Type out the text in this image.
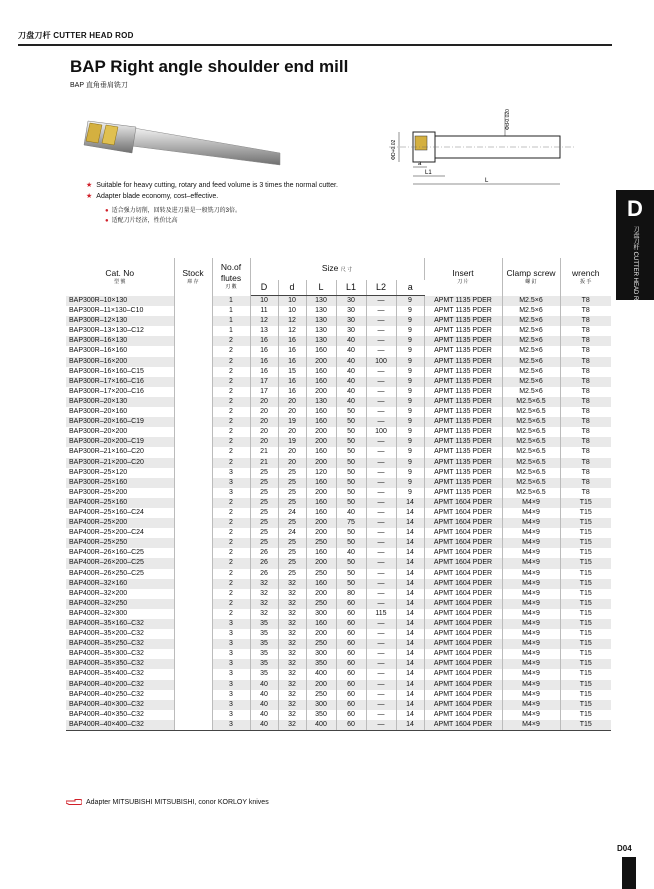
刀盘刀杆 CUTTER HEAD ROD
BAP Right angle shoulder end mill
BAP 直角垂肩铣刀
Φd-0.020
ΦD+0.02
a
L1
L
★ Suitable for heavy cutting, rotary and feed volume is 3 times the normal cutter.
★ Adapter blade economy, cost–effective.
● 适合强力切削，回转及进刀量是一般铣刀的3倍。
● 适配刀片经济，性价比高	D
刀盘刀杆 CUTTER HEAD ROD
Cat. No
型 號	Stock
庫 存	No.of flutes
刃 數	Size 尺 寸						Insert
刀 片	Clamp screw
螺 釘	wrench
扳 手

			D	d	L	L1	L2	a			
BAP300R–10×130		1	10	10	130	30	—	9	APMT 1135 PDER	M2.5×6	T8
BAP300R–11×130–C10		1	11	10	130	30	—	9	APMT 1135 PDER	M2.5×6	T8
BAP300R–12×130		1	12	12	130	30	—	9	APMT 1135 PDER	M2.5×6	T8
BAP300R–13×130–C12		1	13	12	130	30	—	9	APMT 1135 PDER	M2.5×6	T8
BAP300R–16×130		2	16	16	130	40	—	9	APMT 1135 PDER	M2.5×6	T8
BAP300R–16×160		2	16	16	160	40	—	9	APMT 1135 PDER	M2.5×6	T8
BAP300R–16×200		2	16	16	200	40	100	9	APMT 1135 PDER	M2.5×6	T8
BAP300R–16×160–C15		2	16	15	160	40	—	9	APMT 1135 PDER	M2.5×6	T8
BAP300R–17×160–C16		2	17	16	160	40	—	9	APMT 1135 PDER	M2.5×6	T8
BAP300R–17×200–C16		2	17	16	200	40	—	9	APMT 1135 PDER	M2.5×6	T8
BAP300R–20×130		2	20	20	130	40	—	9	APMT 1135 PDER	M2.5×6.5	T8
BAP300R–20×160		2	20	20	160	50	—	9	APMT 1135 PDER	M2.5×6.5	T8
BAP300R–20×160–C19		2	20	19	160	50	—	9	APMT 1135 PDER	M2.5×6.5	T8
BAP300R–20×200		2	20	20	200	50	100	9	APMT 1135 PDER	M2.5×6.5	T8
BAP300R–20×200–C19		2	20	19	200	50	—	9	APMT 1135 PDER	M2.5×6.5	T8
BAP300R–21×160–C20		2	21	20	160	50	—	9	APMT 1135 PDER	M2.5×6.5	T8
BAP300R–21×200–C20		2	21	20	200	50	—	9	APMT 1135 PDER	M2.5×6.5	T8
BAP300R–25×120		3	25	25	120	50	—	9	APMT 1135 PDER	M2.5×6.5	T8
BAP300R–25×160		3	25	25	160	50	—	9	APMT 1135 PDER	M2.5×6.5	T8
BAP300R–25×200		3	25	25	200	50	—	9	APMT 1135 PDER	M2.5×6.5	T8
BAP400R–25×160		2	25	25	160	50	—	14	APMT 1604 PDER	M4×9	T15
BAP400R–25×160–C24		2	25	24	160	40	—	14	APMT 1604 PDER	M4×9	T15
BAP400R–25×200		2	25	25	200	75	—	14	APMT 1604 PDER	M4×9	T15
BAP400R–25×200–C24		2	25	24	200	50	—	14	APMT 1604 PDER	M4×9	T15
BAP400R–25×250		2	25	25	250	50	—	14	APMT 1604 PDER	M4×9	T15
BAP400R–26×160–C25		2	26	25	160	40	—	14	APMT 1604 PDER	M4×9	T15
BAP400R–26×200–C25		2	26	25	200	50	—	14	APMT 1604 PDER	M4×9	T15
BAP400R–26×250–C25		2	26	25	250	50	—	14	APMT 1604 PDER	M4×9	T15
BAP400R–32×160		2	32	32	160	50	—	14	APMT 1604 PDER	M4×9	T15
BAP400R–32×200		2	32	32	200	80	—	14	APMT 1604 PDER	M4×9	T15
BAP400R–32×250		2	32	32	250	60	—	14	APMT 1604 PDER	M4×9	T15
BAP400R–32×300		2	32	32	300	60	115	14	APMT 1604 PDER	M4×9	T15
BAP400R–35×160–C32		3	35	32	160	60	—	14	APMT 1604 PDER	M4×9	T15
BAP400R–35×200–C32		3	35	32	200	60	—	14	APMT 1604 PDER	M4×9	T15
BAP400R–35×250–C32		3	35	32	250	60	—	14	APMT 1604 PDER	M4×9	T15
BAP400R–35×300–C32		3	35	32	300	60	—	14	APMT 1604 PDER	M4×9	T15
BAP400R–35×350–C32		3	35	32	350	60	—	14	APMT 1604 PDER	M4×9	T15
BAP400R–35×400–C32		3	35	32	400	60	—	14	APMT 1604 PDER	M4×9	T15
BAP400R–40×200–C32		3	40	32	200	60	—	14	APMT 1604 PDER	M4×9	T15
BAP400R–40×250–C32		3	40	32	250	60	—	14	APMT 1604 PDER	M4×9	T15
BAP400R–40×300–C32		3	40	32	300	60	—	14	APMT 1604 PDER	M4×9	T15
BAP400R–40×350–C32		3	40	32	350	60	—	14	APMT 1604 PDER	M4×9	T15
BAP400R–40×400–C32		3	40	32	400	60	—	14	APMT 1604 PDER	M4×9	T15
Adapter MITSUBISHI MITSUBISHI, conor KORLOY knives
D04
